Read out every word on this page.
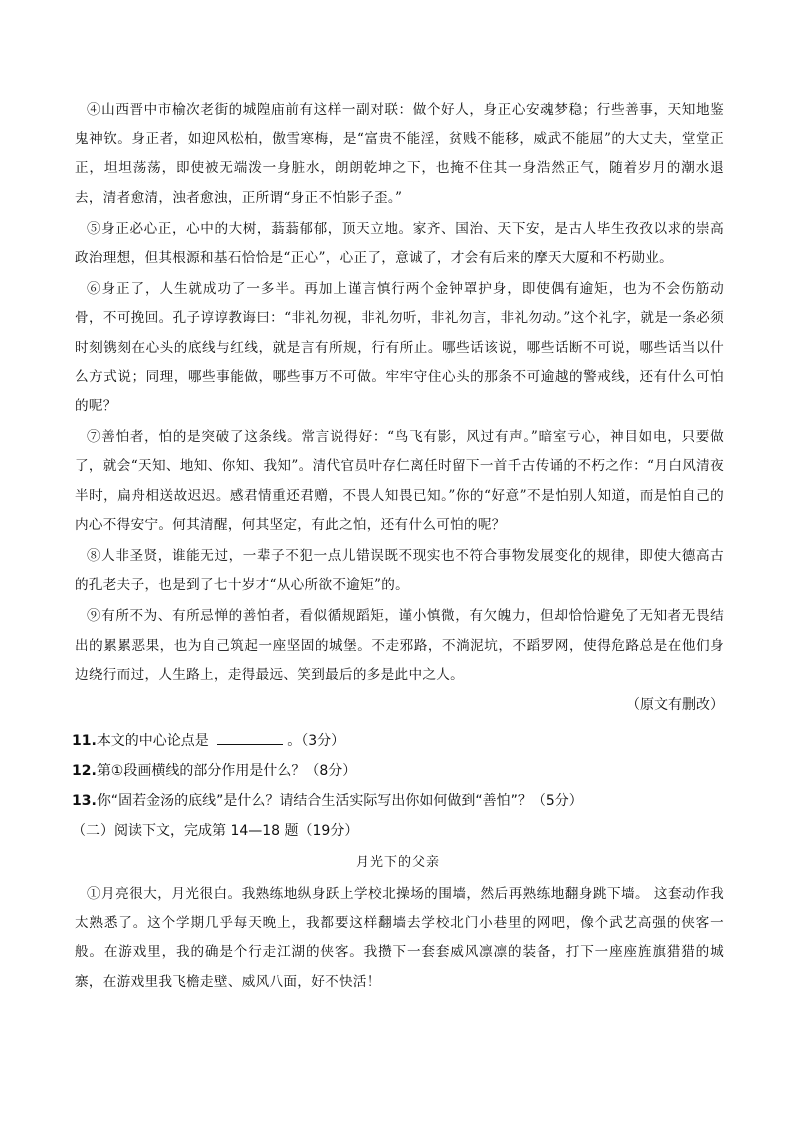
④山西晋中市榆次老街的城隍庙前有这样一副对联：做个好人，身正心安魂梦稳；行些善事，天知地鉴鬼神钦。身正者，如迎风松柏，傲雪寒梅，是“富贵不能淫，贫贱不能移，威武不能屈”的大丈夫，堂堂正正，坦坦荡荡，即使被无端泼一身脏水，朗朗乾坤之下，也掩不住其一身浩然正气，随着岁月的潮水退去，清者愈清，浊者愈浊，正所谓“身正不怕影子歪。”

⑤身正必心正，心中的大树，蓊蓊郁郁，顶天立地。家齐、国治、天下安，是古人毕生孜孜以求的崇高政治理想，但其根源和基石恰恰是“正心”，心正了，意诚了，才会有后来的摩天大厦和不朽勋业。

⑥身正了，人生就成功了一多半。再加上谨言慎行两个金钟罩护身，即使偶有逾矩，也为不会伤筋动骨，不可挽回。孔子谆谆教诲曰：“非礼勿视，非礼勿听，非礼勿言，非礼勿动。”这个礼字，就是一条必须时刻镌刻在心头的底线与红线，就是言有所规，行有所止。哪些话该说，哪些话断不可说，哪些话当以什么方式说；同理，哪些事能做，哪些事万不可做。牢牢守住心头的那条不可逾越的警戒线，还有什么可怕的呢？

⑦善怕者，怕的是突破了这条线。常言说得好：“鸟飞有影，风过有声。”暗室亏心，神目如电，只要做了，就会“天知、地知、你知、我知”。清代官员叶存仁离任时留下一首千古传诵的不朽之作：“月白风清夜半时，扁舟相送故迟迟。感君情重还君赠，不畏人知畏已知。”你的“好意”不是怕别人知道，而是怕自己的内心不得安宁。何其清醒，何其坚定，有此之怕，还有什么可怕的呢？

⑧人非圣贤，谁能无过，一辈子不犯一点儿错误既不现实也不符合事物发展变化的规律，即使大德高古的孔老夫子，也是到了七十岁才“从心所欲不逾矩”的。

⑨有所不为、有所忌惮的善怕者，看似循规蹈矩，谨小慎微，有欠魄力，但却恰恰避免了无知者无畏结出的累累恶果，也为自己筑起一座坚固的城堡。不走邪路，不淌泥坑，不蹈罗网，使得危路总是在他们身边绕行而过，人生路上，走得最远、笑到最后的多是此中之人。

（原文有删改）
11.本文的中心论点是	。（3分）
12.第①段画横线的部分作用是什么？（8分）
13.你“固若金汤的底线”是什么？请结合生活实际写出你如何做到“善怕”？（5分）
（二）阅读下文，完成第 14—18 题（19分）
月光下的父亲

①月亮很大，月光很白。我熟练地纵身跃上学校北操场的围墙，然后再熟练地翻身跳下墙。 这套动作我太熟悉了。这个学期几乎每天晚上，我都要这样翻墙去学校北门小巷里的网吧，像个武艺高强的侠客一般。在游戏里，我的确是个行走江湖的侠客。我攒下一套套威风凛凛的装备，打下一座座旌旗猎猎的城寨，在游戏里我飞檐走壁、威风八面，好不快活！
